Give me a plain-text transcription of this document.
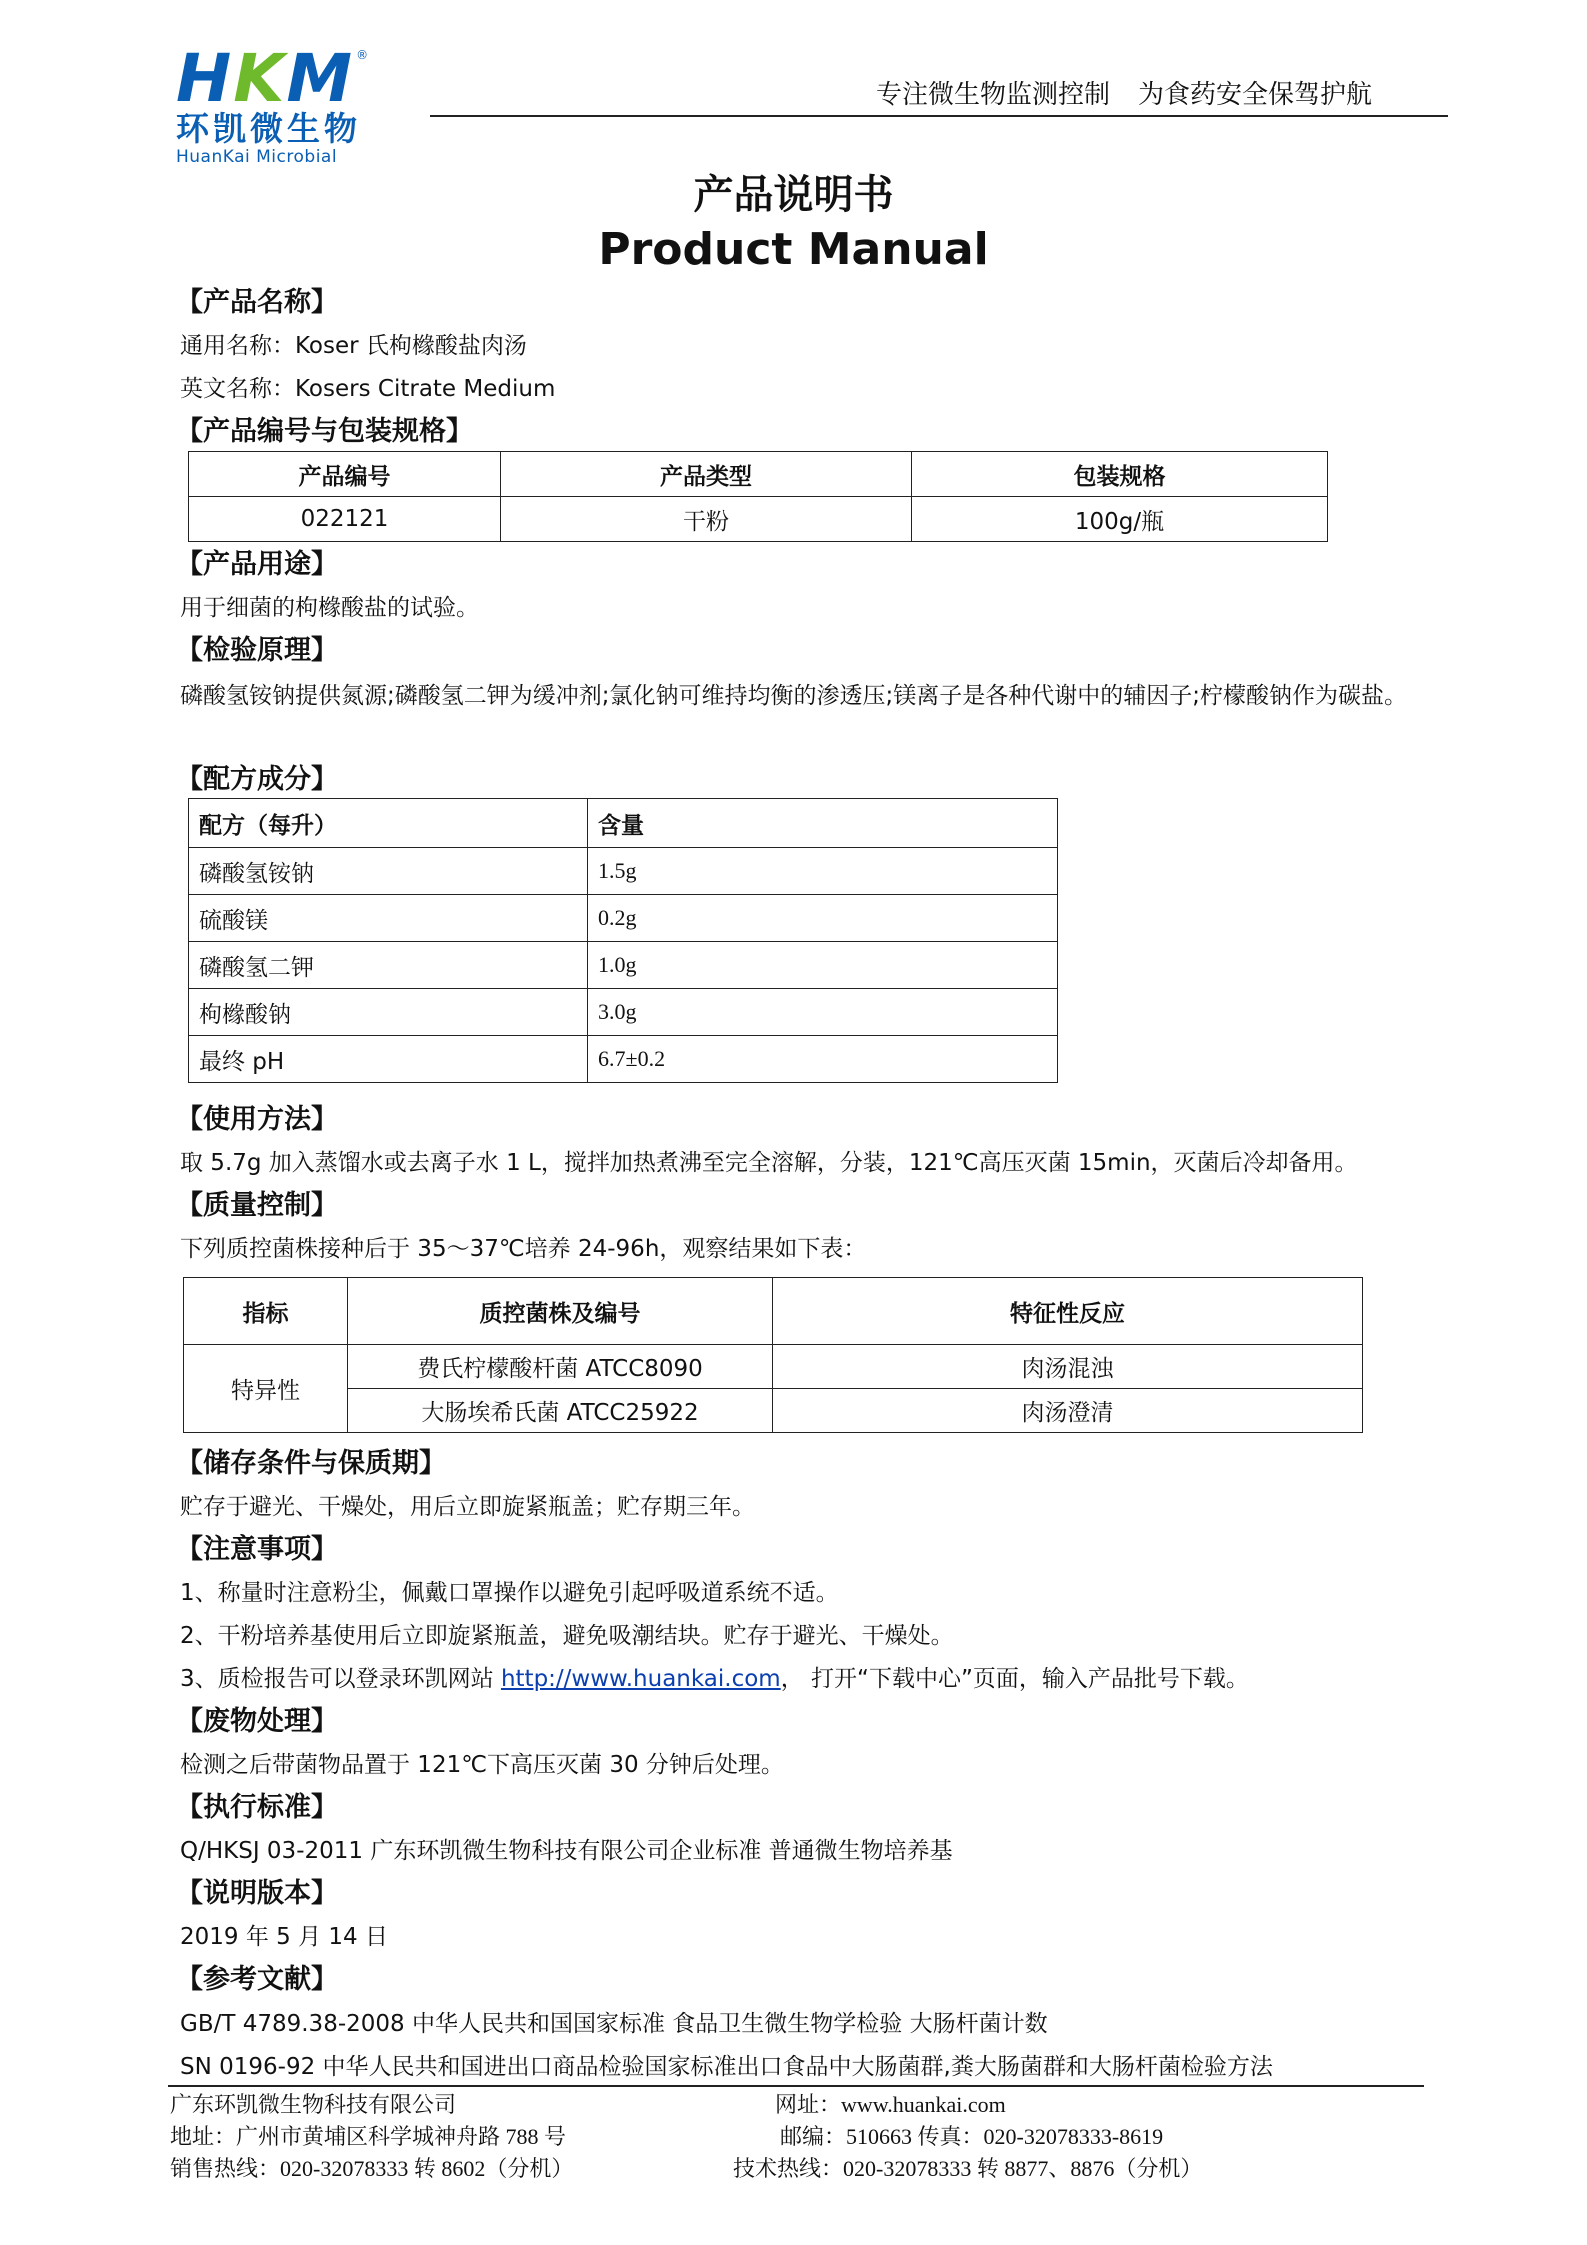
HKM ®
环凯微生物
HuanKai Microbial
专注微生物监测控制 为食药安全保驾护航
产品说明书
Product Manual
【产品名称】
通用名称：Koser 氏枸橼酸盐肉汤
英文名称：Kosers Citrate Medium
【产品编号与包装规格】
产品编号	产品类型	包装规格
022121	干粉	100g/瓶
【产品用途】
用于细菌的枸橼酸盐的试验。
【检验原理】
磷酸氢铵钠提供氮源;磷酸氢二钾为缓冲剂;氯化钠可维持均衡的渗透压;镁离子是各种代谢中的辅因子;柠檬酸钠作为碳盐。
【配方成分】
配方（每升）	含量
磷酸氢铵钠	1.5g
硫酸镁	0.2g
磷酸氢二钾	1.0g
枸橼酸钠	3.0g
最终 pH	6.7±0.2
【使用方法】
取 5.7g 加入蒸馏水或去离子水 1 L，搅拌加热煮沸至完全溶解，分装，121℃高压灭菌 15min，灭菌后冷却备用。
【质量控制】
下列质控菌株接种后于 35～37℃培养 24-96h，观察结果如下表：
指标	质控菌株及编号	特征性反应
特异性	费氏柠檬酸杆菌 ATCC8090	肉汤混浊
	大肠埃希氏菌 ATCC25922	肉汤澄清
【储存条件与保质期】
贮存于避光、干燥处，用后立即旋紧瓶盖；贮存期三年。
【注意事项】
1、称量时注意粉尘，佩戴口罩操作以避免引起呼吸道系统不适。
2、干粉培养基使用后立即旋紧瓶盖，避免吸潮结块。贮存于避光、干燥处。
3、质检报告可以登录环凯网站 http://www.huankai.com， 打开“下载中心”页面，输入产品批号下载。
【废物处理】
检测之后带菌物品置于 121℃下高压灭菌 30 分钟后处理。
【执行标准】
Q/HKSJ 03-2011 广东环凯微生物科技有限公司企业标准 普通微生物培养基
【说明版本】
2019 年 5 月 14 日
【参考文献】
GB/T 4789.38-2008 中华人民共和国国家标准 食品卫生微生物学检验 大肠杆菌计数
SN 0196-92 中华人民共和国进出口商品检验国家标准出口食品中大肠菌群,粪大肠菌群和大肠杆菌检验方法
广东环凯微生物科技有限公司	网址：www.huankai.com
地址：广州市黄埔区科学城神舟路 788 号	邮编：510663 传真：020-32078333-8619
销售热线：020-32078333 转 8602（分机）	技术热线：020-32078333 转 8877、8876（分机）
